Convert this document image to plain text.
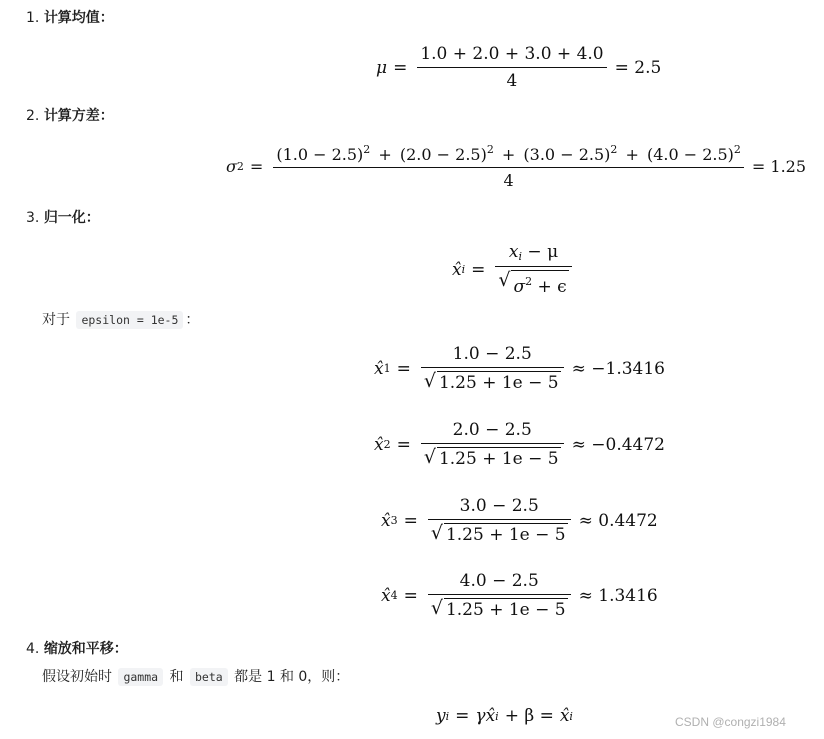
1. 计算均值：
$\mu = \frac{1.0 + 2.0 + 3.0 + 4.0}{4} = 2.5$
2. 计算方差：
σ 2 =
$(1.0 - 2.5)^2 + (2.0 - 2.5)^2 + (3.0 - 2.5)^2 + (4.0 - 2.5)^2$
4
= 1.25
3. 归一化：
x̂ $i = \frac{x_i - \mu}{√ \sigma^2 + \epsilon}$
对于 epsilon = 1e-5 ：
x̂ $1 = \frac{1.0 - 2.5}{√ 1.25 + 1e - 5} \approx -1.3416$
x̂ $2 = \frac{2.0 - 2.5}{√ 1.25 + 1e - 5} \approx -0.4472$
x̂ $3 = \frac{3.0 - 2.5}{√ 1.25 + 1e - 5} \approx 0.4472$
x̂ $4 = \frac{4.0 - 2.5}{√ 1.25 + 1e - 5} \approx 1.3416$
4. 缩放和平移：
假设初始时 gamma 和 beta 都是 1 和 0，则：
y i = γ x̂ i + β = x̂ i	CSDN @congzi1984
